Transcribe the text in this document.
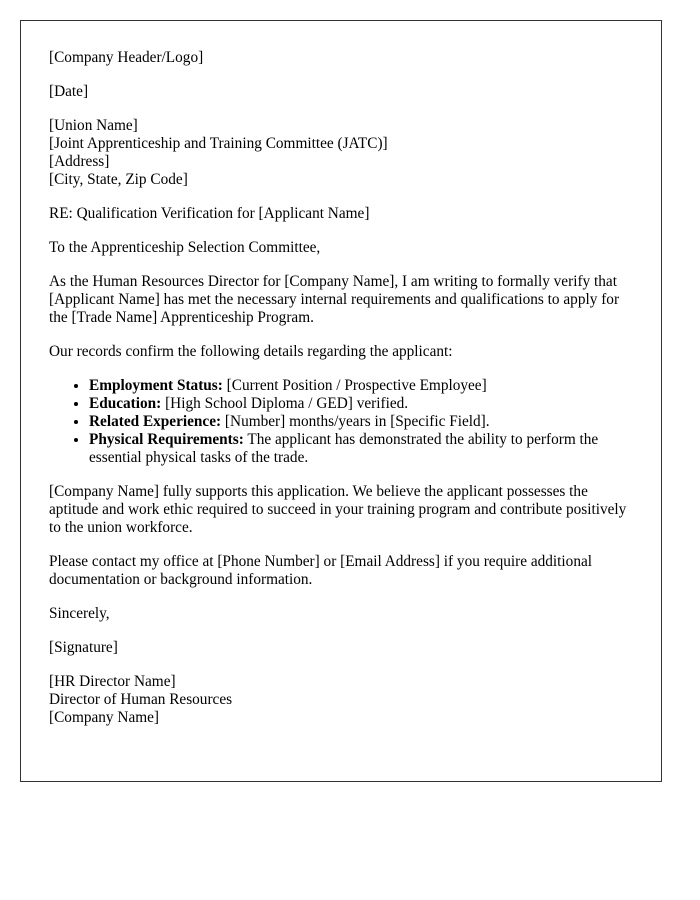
[Company Header/Logo]

[Date]

[Union Name]
[Joint Apprenticeship and Training Committee (JATC)]
[Address]
[City, State, Zip Code]

RE: Qualification Verification for [Applicant Name]

To the Apprenticeship Selection Committee,

As the Human Resources Director for [Company Name], I am writing to formally verify that [Applicant Name] has met the necessary internal requirements and qualifications to apply for the [Trade Name] Apprenticeship Program.

Our records confirm the following details regarding the applicant:

• Employment Status: [Current Position / Prospective Employee]
• Education: [High School Diploma / GED] verified.
• Related Experience: [Number] months/years in [Specific Field].
• Physical Requirements: The applicant has demonstrated the ability to perform the essential physical tasks of the trade.

[Company Name] fully supports this application. We believe the applicant possesses the aptitude and work ethic required to succeed in your training program and contribute positively to the union workforce.

Please contact my office at [Phone Number] or [Email Address] if you require additional documentation or background information.

Sincerely,

[Signature]

[HR Director Name]
Director of Human Resources
[Company Name]
